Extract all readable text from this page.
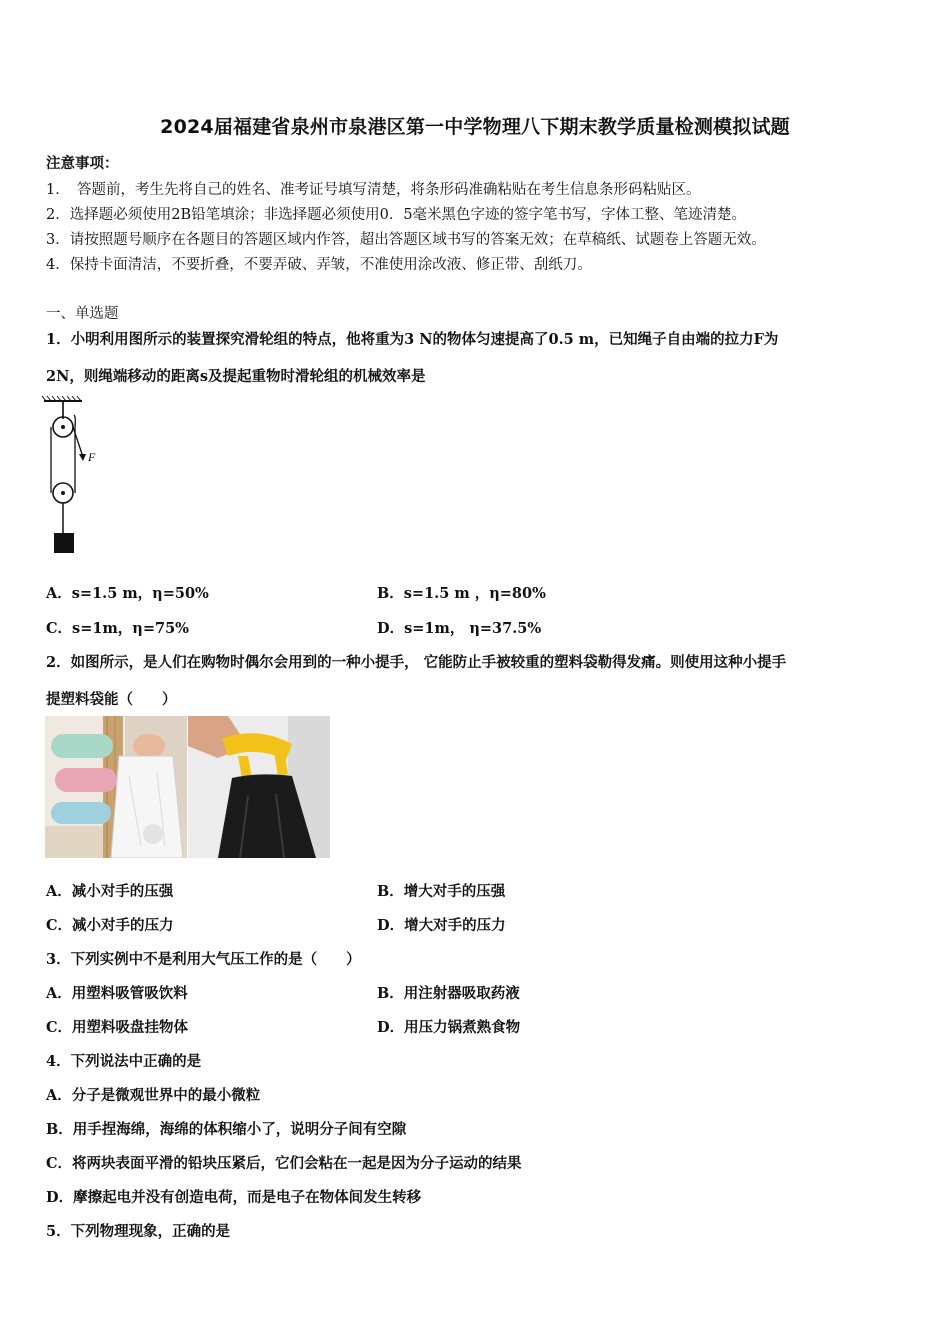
2024届福建省泉州市泉港区第一中学物理八下期末教学质量检测模拟试题
注意事项：
1．　答题前，考生先将自己的姓名、准考证号填写清楚，将条形码准确粘贴在考生信息条形码粘贴区。
2．选择题必须使用2B铅笔填涂；非选择题必须使用0．5毫米黑色字迹的签字笔书写，字体工整、笔迹清楚。
3．请按照题号顺序在各题目的答题区域内作答，超出答题区域书写的答案无效；在草稿纸、试题卷上答题无效。
4．保持卡面清洁，不要折叠，不要弄破、弄皱，不准使用涂改液、修正带、刮纸刀。
一、单选题
1．小明利用图所示的装置探究滑轮组的特点，他将重为3 N的物体匀速提高了0.5 m，已知绳子自由端的拉力F为
2N，则绳端移动的距离s及提起重物时滑轮组的机械效率是
F
A．s=1.5 m，η=50%	B．s=1.5 m ，η=80%
C．s=1m，η=75%	D．s=1m， η=37.5%
2．如图所示，是人们在购物时偶尔会用到的一种小提手， 它能防止手被较重的塑料袋勒得发痛。则使用这种小提手
提塑料袋能（　　）
A．减小对手的压强	B．增大对手的压强
C．减小对手的压力	D．增大对手的压力
3．下列实例中不是利用大气压工作的是（　　）
A．用塑料吸管吸饮料	B．用注射器吸取药液
C．用塑料吸盘挂物体	D．用压力锅煮熟食物
4．下列说法中正确的是
A．分子是微观世界中的最小微粒
B．用手捏海绵，海绵的体积缩小了，说明分子间有空隙
C．将两块表面平滑的铅块压紧后，它们会粘在一起是因为分子运动的结果
D．摩擦起电并没有创造电荷，而是电子在物体间发生转移
5．下列物理现象，正确的是
